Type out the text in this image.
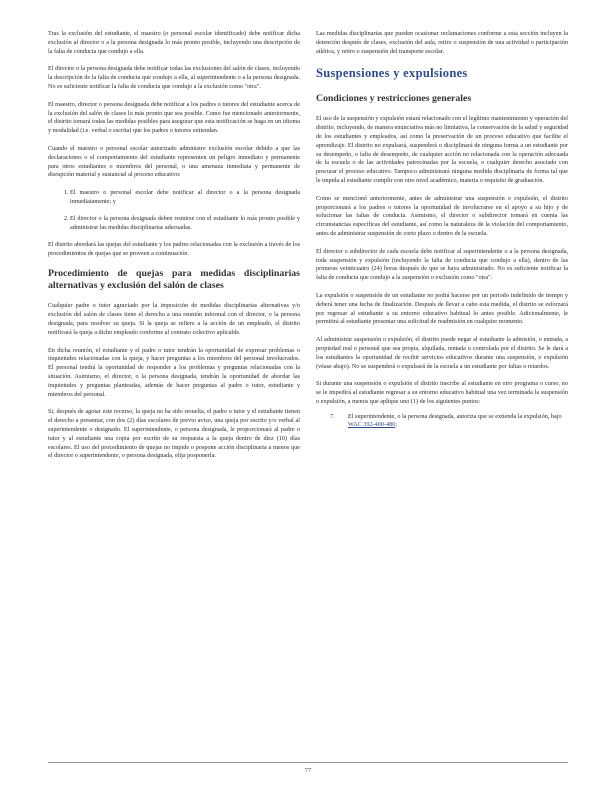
Tras la exclusión del estudiante, el maestro (o personal escolar identificado) debe notificar dicha exclusión al director o a la persona designada lo más pronto posible, incluyendo una descripción de la falta de conducta que condujo a ella.

El director o la persona designada debe notificar todas las exclusiones del salón de clases, incluyendo la descripción de la falta de conducta que condujo a ella, al superintendente o a la persona designada. No es suficiente notificar la falta de conducta que condujo a la exclusión como "otra".

El maestro, director o persona designada debe notificar a los padres o tutores del estudiante acerca de la exclusión del salón de clases lo más pronto que sea posible. Como fue mencionado anteriormente, el distrito tomará todas las medidas posibles para asegurar que esta notificación se haga en un idioma y modalidad (i.e. verbal o escrita) que los padres o tutores entiendan.

Cuando el maestro o personal escolar autorizado administre exclusión escolar debido a que las declaraciones o el comportamiento del estudiante representen un peligro inmediato y permanente para otros estudiantes o miembros del personal, o una amenaza inmediata y permanente de disrupción material y sustancial al proceso educativo:

1. El maestro o personal escolar debe notificar al director o a la persona designada inmediatamente; y
2. El director o la persona designada deben reunirse con el estudiante lo más pronto posible y administrar las medidas disciplinarias adecuadas.

El distrito abordará las quejas del estudiante y los padres relacionadas con la exclusión a través de los procedimientos de quejas que se proveen a continuación.

Procedimiento de quejas para medidas disciplinarias alternativas y exclusión del salón de clases

Cualquier padre o tutor agraviado por la imposición de medidas disciplinarias alternativas y/o exclusión del salón de clases tiene el derecho a una reunión informal con el director, o la persona designada, para resolver su queja. Si la queja se refiere a la acción de un empleado, el distrito notificará la queja a dicho empleado conforme al contrato colectivo aplicable.

En dicha reunión, el estudiante y el padre o tutor tendrán la oportunidad de expresar problemas o inquietudes relacionadas con la queja, y hacer preguntas a los miembros del personal involucrados. El personal tendrá la oportunidad de responder a los problemas y preguntas relacionadas con la situación. Asimismo, el director, o la persona designada, tendrán la oportunidad de abordar las inquietudes y preguntas planteadas, además de hacer preguntas al padre o tutor, estudiante y miembros del personal.

Si, después de agotar este recurso, la queja no ha sido resuelta, el padre o tutor y el estudiante tienen el derecho a presentar, con dos (2) días escolares de previo aviso, una queja por escrito y/o verbal al superintendente o designado. El superintendente, o persona designada, le proporcionará al padre o tutor y al estudiante una copia por escrito de su respuesta a la queja dentro de diez (10) días escolares. El uso del procedimiento de quejas no impide o pospone acción disciplinaria a menos que el director o superintendente, o persona designada, elija posponerla.

Las medidas disciplinarias que pueden ocasionar reclamaciones conforme a esta sección incluyen la detención después de clases, exclusión del aula, retiro o suspensión de una actividad o participación atlética, y retiro o suspensión del transporte escolar.

Suspensiones y expulsiones
Condiciones y restricciones generales

El uso de la suspensión y expulsión estará relacionado con el legítimo mantenimiento y operación del distrito, incluyendo, de manera enunciativa más no limitativa, la conservación de la salud y seguridad de los estudiantes y empleados, así como la preservación de un proceso educativo que facilite el aprendizaje. El distrito no expulsará, suspenderá o disciplinará de ninguna forma a un estudiante por su desempeño, o falta de desempeño, de cualquier acción no relacionada con la operación adecuada de la escuela o de las actividades patrocinadas por la escuela, o cualquier derecho asociado con procurar el proceso educativo. Tampoco administrará ninguna medida disciplinaria de forma tal que le impida al estudiante cumplir con otro nivel académico, materia o requisito de graduación.

Como se mencionó anteriormente, antes de administrar una suspensión o expulsión, el distrito proporcionará a los padres o tutores la oportunidad de involucrarse en el apoyo a su hijo y de solucionar las faltas de conducta. Asimismo, el director o subdirector tomará en cuenta las circunstancias específicas del estudiante, así como la naturaleza de la violación del comportamiento, antes de administrar suspensión de corto plazo o dentro de la escuela.

El director o subdirector de cada escuela debe notificar al superintendente o a la persona designada, toda suspensión y expulsión (incluyendo la falta de conducta que condujo a ella), dentro de las primeras veinticuatro (24) horas después de que se haya administrado. No es suficiente notificar la falta de conducta que condujo a la suspensión o exclusión como "otra".

La expulsión o suspensión de un estudiante no podrá hacerse por un periodo indefinido de tiempo y deberá tener una fecha de finalización. Después de llevar a cabo esta medida, el distrito se esforzará por regresar al estudiante a su entorno educativo habitual lo antes posible. Adicionalmente, le permitirá al estudiante presentar una solicitud de readmisión en cualquier momento.

Al administrar suspensión o expulsión, el distrito puede negar al estudiante la admisión, o entrada, a propiedad real o personal que sea propia, alquilada, rentada o controlada por el distrito. Se le dará a los estudiantes la oportunidad de recibir servicios educativos durante una suspensión, o expulsión (véase abajo). No se suspenderá o expulsará de la escuela a un estudiante por faltas o retardos.

Si durante una suspensión o expulsión el distrito inscribe al estudiante en otro programa o curso, no se le impedirá al estudiante regresar a su entorno educativo habitual una vez terminada la suspensión o expulsión, a menos que aplique uno (1) de los siguientes puntos:

7.	El superintendente, o la persona designada, autoriza que se extienda la expulsión, bajo WAC 392-400-480;
77
